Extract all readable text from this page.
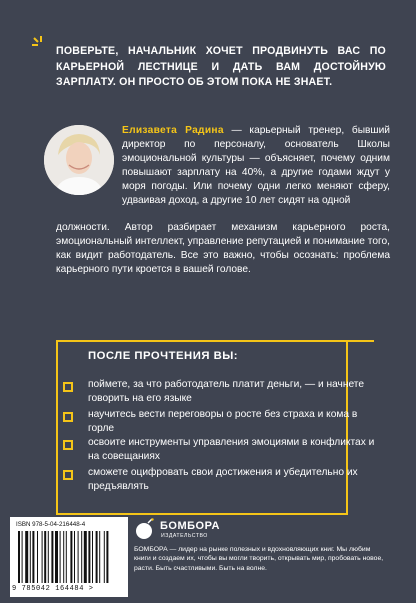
ПОВЕРЬТЕ, НАЧАЛЬНИК ХОЧЕТ ПРОДВИНУТЬ ВАС ПО КАРЬЕРНОЙ ЛЕСТНИЦЕ И ДАТЬ ВАМ ДОСТОЙНУЮ ЗАРПЛАТУ. ОН ПРОСТО ОБ ЭТОМ ПОКА НЕ ЗНАЕТ.

Елизавета Радина — карьерный тренер, бывший директор по персоналу, основатель Школы эмоциональной культуры — объясняет, почему одним повышают зарплату на 40%, а другие годами ждут у моря погоды. Или почему одни легко меняют сферу, удваивая доход, а другие 10 лет сидят на одной
должности. Автор разбирает механизм карьерного роста, эмоциональный интеллект, управление репутацией и понимание того, как видит работодатель. Все это важно, чтобы осознать: проблема карьерного пути кроется в вашей голове.
ПОСЛЕ ПРОЧТЕНИЯ ВЫ:
поймете, за что работодатель платит деньги, — и начнете говорить на его языке
научитесь вести переговоры о росте без страха и кома в горле
освоите инструменты управления эмоциями в конфликтах и на совещаниях
сможете оцифровать свои достижения и убедительно их предъявлять
ISBN 978-5-04-216448-4
9 785042 164484 >
БОМБОРА
ИЗДАТЕЛЬСТВО
БОМБОРА — лидер на рынке полезных и вдохновляющих книг. Мы любим книги и создаем их, чтобы вы могли творить, открывать мир, пробовать новое, расти. Быть счастливыми. Быть на волне.
